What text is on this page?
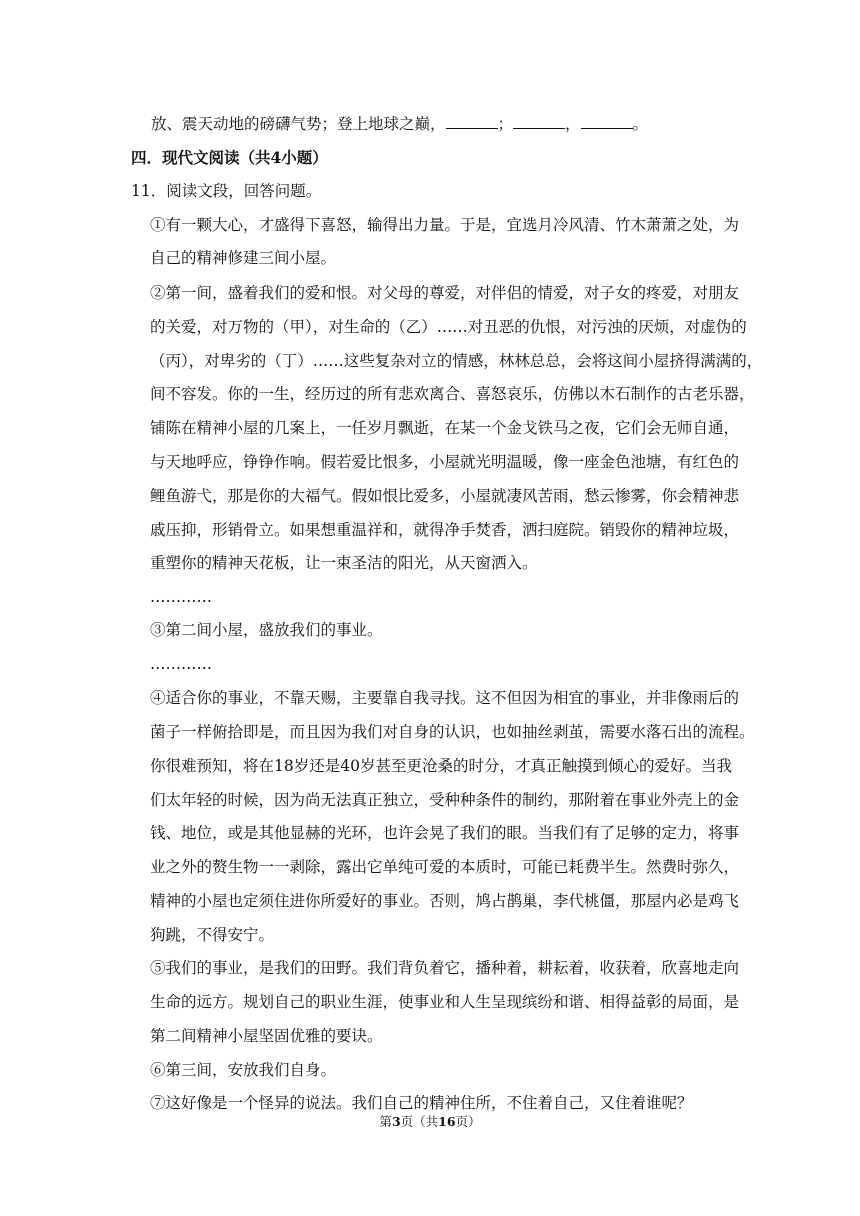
放、震天动地的磅礴气势；登上地球之巅，	；	，	。
四．现代文阅读（共4小题）
11．阅读文段，回答问题。
①有一颗大心，才盛得下喜怒，输得出力量。于是，宜选月冷风清、竹木萧萧之处，为
自己的精神修建三间小屋。
②第一间，盛着我们的爱和恨。对父母的尊爱，对伴侣的情爱，对子女的疼爱，对朋友
的关爱，对万物的（甲），对生命的（乙）……对丑恶的仇恨，对污浊的厌烦，对虚伪的
（丙），对卑劣的（丁）……这些复杂对立的情感，林林总总，会将这间小屋挤得满满的，
间不容发。你的一生，经历过的所有悲欢离合、喜怒哀乐，仿佛以木石制作的古老乐器，
铺陈在精神小屋的几案上，一任岁月飘逝，在某一个金戈铁马之夜，它们会无师自通，
与天地呼应，铮铮作响。假若爱比恨多，小屋就光明温暖，像一座金色池塘，有红色的
鲤鱼游弋，那是你的大福气。假如恨比爱多，小屋就凄风苦雨，愁云惨雾，你会精神悲
戚压抑，形销骨立。如果想重温祥和，就得净手焚香，洒扫庭院。销毁你的精神垃圾，
重塑你的精神天花板，让一束圣洁的阳光，从天窗洒入。
…………
③第二间小屋，盛放我们的事业。
…………
④适合你的事业，不靠天赐，主要靠自我寻找。这不但因为相宜的事业，并非像雨后的
菌子一样俯拾即是，而且因为我们对自身的认识，也如抽丝剥茧，需要水落石出的流程。
你很难预知，将在18岁还是40岁甚至更沧桑的时分，才真正触摸到倾心的爱好。当我
们太年轻的时候，因为尚无法真正独立，受种种条件的制约，那附着在事业外壳上的金
钱、地位，或是其他显赫的光环，也许会晃了我们的眼。当我们有了足够的定力，将事
业之外的赘生物一一剥除，露出它单纯可爱的本质时，可能已耗费半生。然费时弥久，
精神的小屋也定须住进你所爱好的事业。否则，鸠占鹊巢，李代桃僵，那屋内必是鸡飞
狗跳，不得安宁。
⑤我们的事业，是我们的田野。我们背负着它，播种着，耕耘着，收获着，欣喜地走向
生命的远方。规划自己的职业生涯，使事业和人生呈现缤纷和谐、相得益彰的局面，是
第二间精神小屋坚固优雅的要诀。
⑥第三间，安放我们自身。
⑦这好像是一个怪异的说法。我们自己的精神住所，不住着自己，又住着谁呢？
第3页（共16页）
